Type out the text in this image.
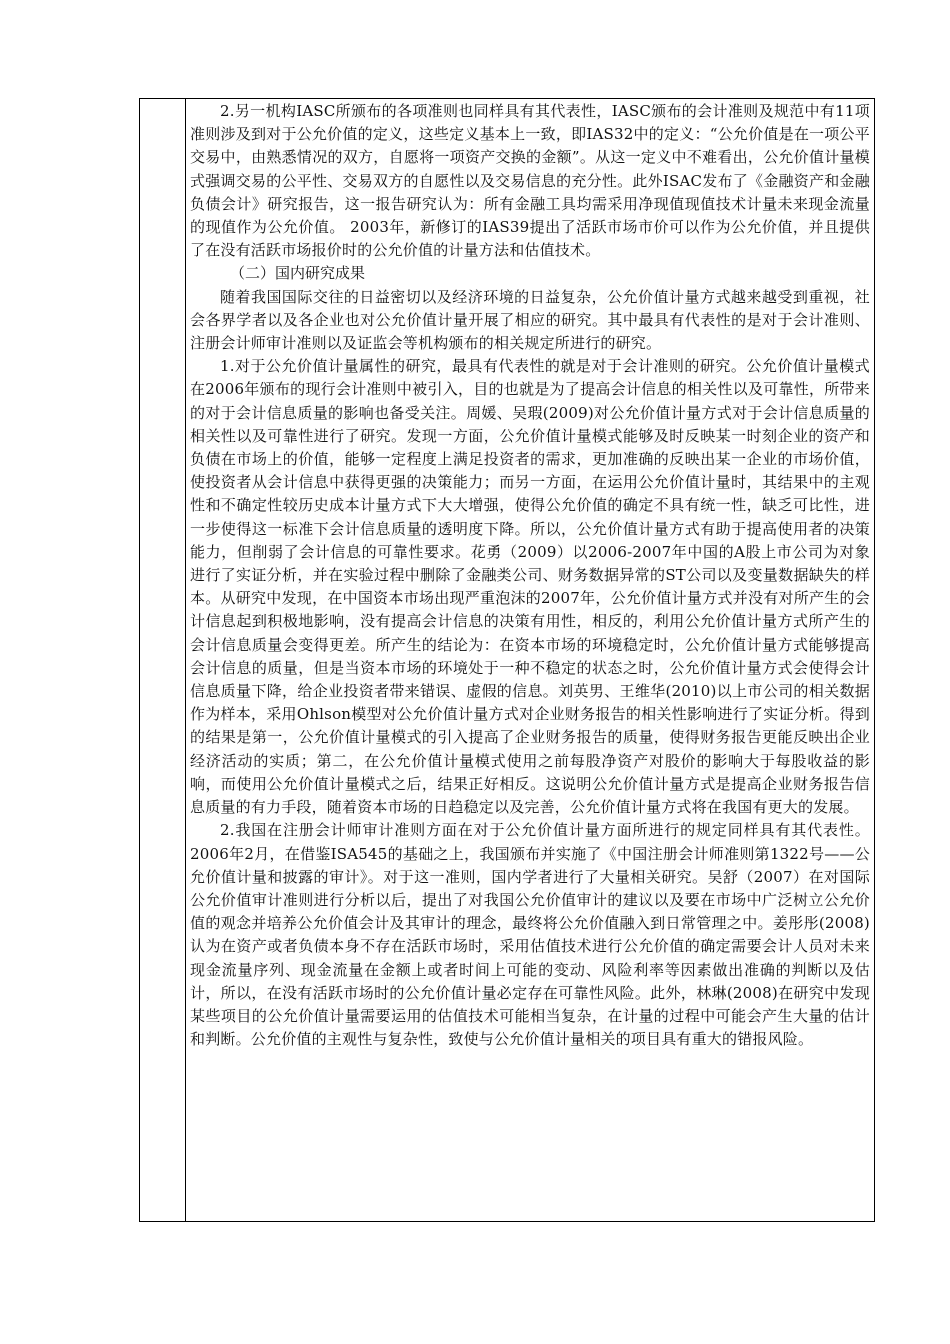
2.另一机构IASC所颁布的各项准则也同样具有其代表性，IASC颁布的会计准则及规范中有11项准则涉及到对于公允价值的定义，这些定义基本上一致，即IAS32中的定义：“公允价值是在一项公平交易中，由熟悉情况的双方，自愿将一项资产交换的金额”。从这一定义中不难看出，公允价值计量模式强调交易的公平性、交易双方的自愿性以及交易信息的充分性。此外ISAC发布了《金融资产和金融负债会计》研究报告，这一报告研究认为：所有金融工具均需采用净现值现值技术计量未来现金流量的现值作为公允价值。 2003年，新修订的IAS39提出了活跃市场市价可以作为公允价值，并且提供了在没有活跃市场报价时的公允价值的计量方法和估值技术。

（二）国内研究成果

随着我国国际交往的日益密切以及经济环境的日益复杂，公允价值计量方式越来越受到重视，社会各界学者以及各企业也对公允价值计量开展了相应的研究。其中最具有代表性的是对于会计准则、注册会计师审计准则以及证监会等机构颁布的相关规定所进行的研究。

1.对于公允价值计量属性的研究，最具有代表性的就是对于会计准则的研究。公允价值计量模式在2006年颁布的现行会计准则中被引入，目的也就是为了提高会计信息的相关性以及可靠性，所带来的对于会计信息质量的影响也备受关注。周媛、吴瑕(2009)对公允价值计量方式对于会计信息质量的相关性以及可靠性进行了研究。发现一方面，公允价值计量模式能够及时反映某一时刻企业的资产和负债在市场上的价值，能够一定程度上满足投资者的需求，更加准确的反映出某一企业的市场价值，使投资者从会计信息中获得更强的决策能力；而另一方面，在运用公允价值计量时，其结果中的主观性和不确定性较历史成本计量方式下大大增强，使得公允价值的确定不具有统一性，缺乏可比性，进一步使得这一标准下会计信息质量的透明度下降。所以，公允价值计量方式有助于提高使用者的决策能力，但削弱了会计信息的可靠性要求。花勇（2009）以2006-2007年中国的A股上市公司为对象进行了实证分析，并在实验过程中删除了金融类公司、财务数据异常的ST公司以及变量数据缺失的样本。从研究中发现，在中国资本市场出现严重泡沫的2007年，公允价值计量方式并没有对所产生的会计信息起到积极地影响，没有提高会计信息的决策有用性，相反的，利用公允价值计量方式所产生的会计信息质量会变得更差。所产生的结论为：在资本市场的环境稳定时，公允价值计量方式能够提高会计信息的质量，但是当资本市场的环境处于一种不稳定的状态之时，公允价值计量方式会使得会计信息质量下降，给企业投资者带来错误、虚假的信息。刘英男、王维华(2010)以上市公司的相关数据作为样本，采用Ohlson模型对公允价值计量方式对企业财务报告的相关性影响进行了实证分析。得到的结果是第一，公允价值计量模式的引入提高了企业财务报告的质量，使得财务报告更能反映出企业经济活动的实质；第二，在公允价值计量模式使用之前每股净资产对股价的影响大于每股收益的影响，而使用公允价值计量模式之后，结果正好相反。这说明公允价值计量方式是提高企业财务报告信息质量的有力手段，随着资本市场的日趋稳定以及完善，公允价值计量方式将在我国有更大的发展。

2.我国在注册会计师审计准则方面在对于公允价值计量方面所进行的规定同样具有其代表性。2006年2月，在借鉴ISA545的基础之上，我国颁布并实施了《中国注册会计师准则第1322号——公允价值计量和披露的审计》。对于这一准则，国内学者进行了大量相关研究。吴舒（2007）在对国际公允价值审计准则进行分析以后，提出了对我国公允价值审计的建议以及要在市场中广泛树立公允价值的观念并培养公允价值会计及其审计的理念，最终将公允价值融入到日常管理之中。姜彤彤(2008)认为在资产或者负债本身不存在活跃市场时，采用估值技术进行公允价值的确定需要会计人员对未来现金流量序列、现金流量在金额上或者时间上可能的变动、风险利率等因素做出准确的判断以及估计，所以，在没有活跃市场时的公允价值计量必定存在可靠性风险。此外，林琳(2008)在研究中发现某些项目的公允价值计量需要运用的估值技术可能相当复杂，在计量的过程中可能会产生大量的估计和判断。公允价值的主观性与复杂性，致使与公允价值计量相关的项目具有重大的错报风险。
